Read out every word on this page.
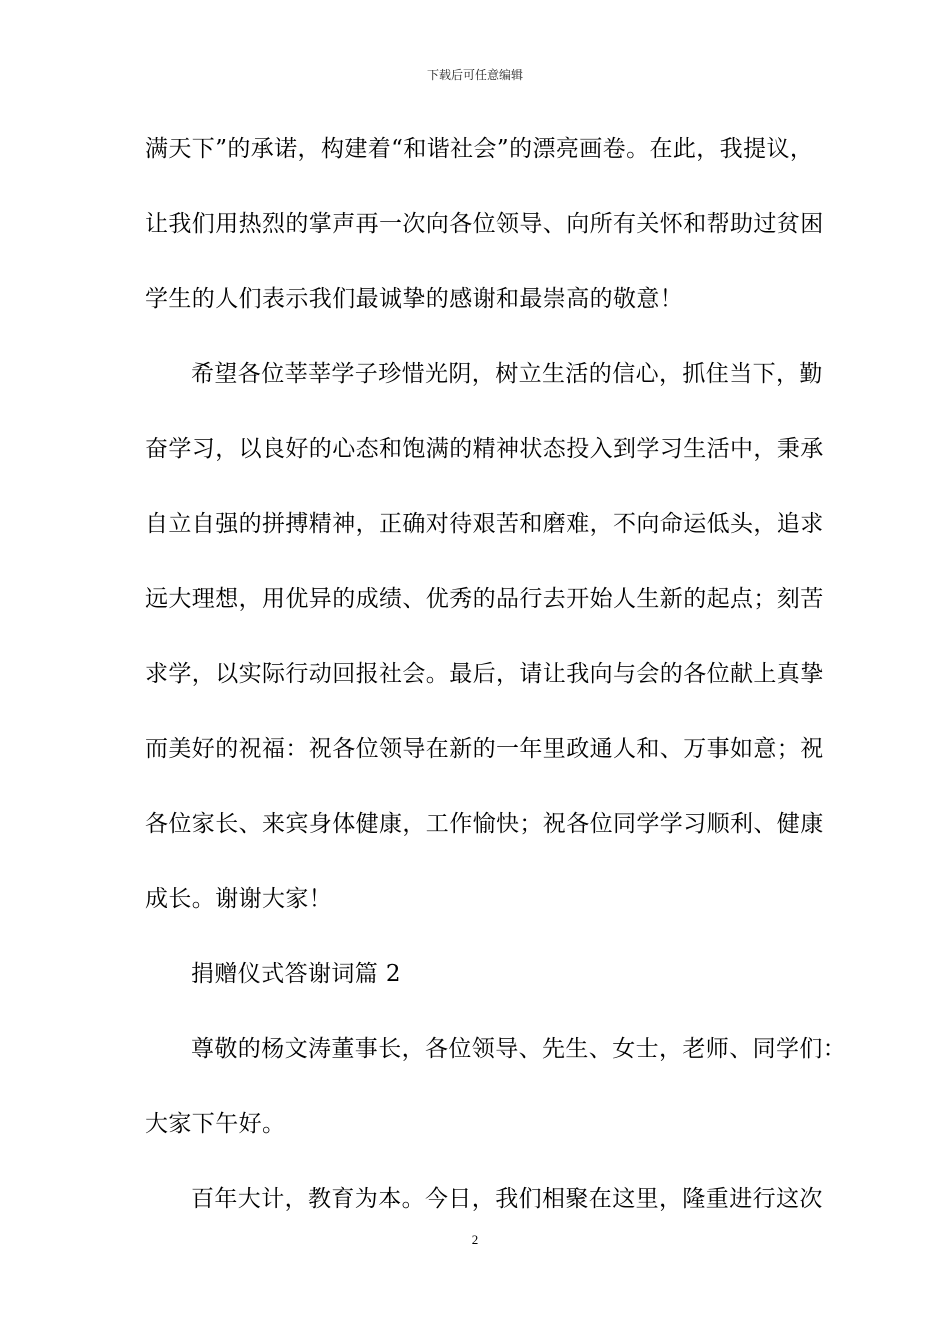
下载后可任意编辑
满天下”的承诺，构建着“和谐社会”的漂亮画卷。在此，我提议，
让我们用热烈的掌声再一次向各位领导、向所有关怀和帮助过贫困
学生的人们表示我们最诚挚的感谢和最崇高的敬意！
希望各位莘莘学子珍惜光阴，树立生活的信心，抓住当下，勤
奋学习，以良好的心态和饱满的精神状态投入到学习生活中，秉承
自立自强的拼搏精神，正确对待艰苦和磨难，不向命运低头，追求
远大理想，用优异的成绩、优秀的品行去开始人生新的起点；刻苦
求学，以实际行动回报社会。最后，请让我向与会的各位献上真挚
而美好的祝福：祝各位领导在新的一年里政通人和、万事如意；祝
各位家长、来宾身体健康，工作愉快；祝各位同学学习顺利、健康
成长。谢谢大家！
捐赠仪式答谢词篇 2
尊敬的杨文涛董事长，各位领导、先生、女士，老师、同学们：
大家下午好。
百年大计，教育为本。今日，我们相聚在这里，隆重进行这次
2
